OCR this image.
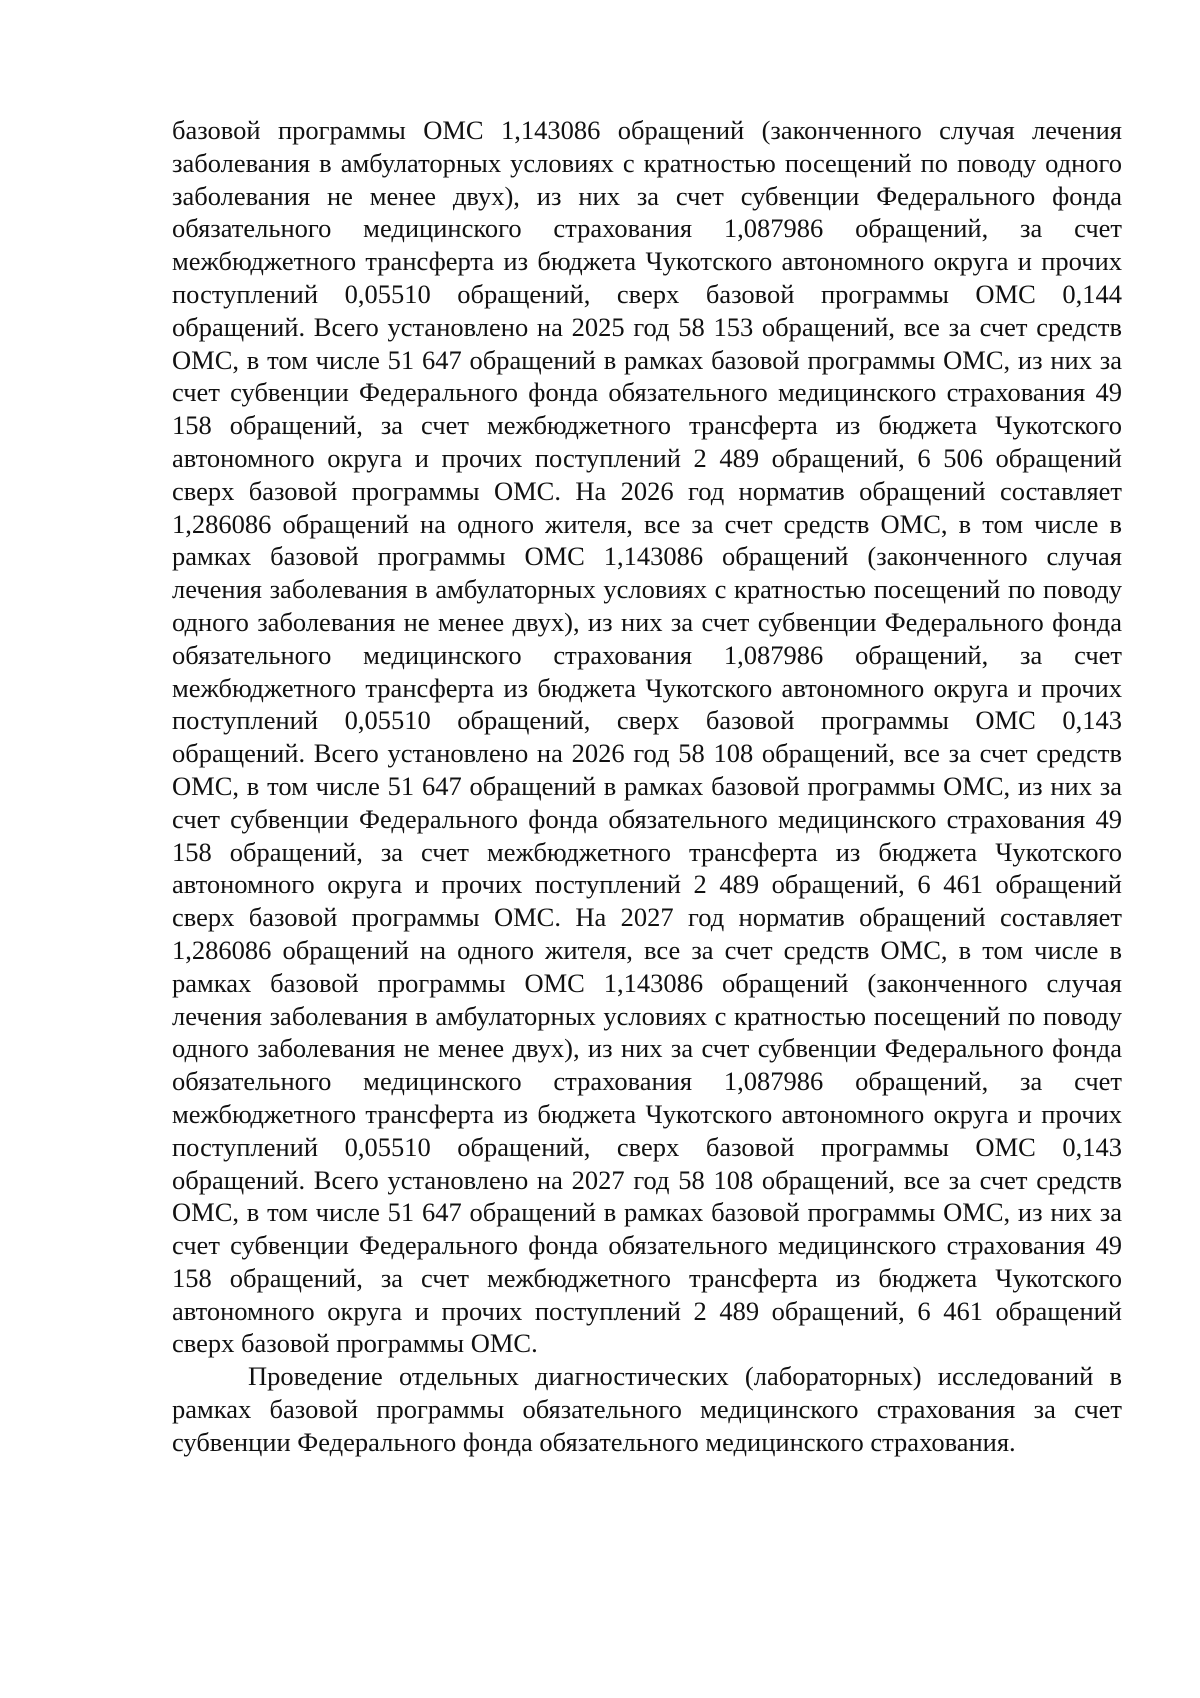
базовой программы ОМС 1,143086 обращений (законченного случая лечения заболевания в амбулаторных условиях с кратностью посещений по поводу одного заболевания не менее двух), из них за счет субвенции Федерального фонда обязательного медицинского страхования 1,087986 обращений, за счет межбюджетного трансферта из бюджета Чукотского автономного округа и прочих поступлений 0,05510 обращений, сверх базовой программы ОМС 0,144 обращений. Всего установлено на 2025 год 58 153 обращений, все за счет средств ОМС, в том числе 51 647 обращений в рамках базовой программы ОМС, из них за счет субвенции Федерального фонда обязательного медицинского страхования 49 158 обращений, за счет межбюджетного трансферта из бюджета Чукотского автономного округа и прочих поступлений 2 489 обращений, 6 506 обращений сверх базовой программы ОМС. На 2026 год норматив обращений составляет 1,286086 обращений на одного жителя, все за счет средств ОМС, в том числе в рамках базовой программы ОМС 1,143086 обращений (законченного случая лечения заболевания в амбулаторных условиях с кратностью посещений по поводу одного заболевания не менее двух), из них за счет субвенции Федерального фонда обязательного медицинского страхования 1,087986 обращений, за счет межбюджетного трансферта из бюджета Чукотского автономного округа и прочих поступлений 0,05510 обращений, сверх базовой программы ОМС 0,143 обращений. Всего установлено на 2026 год 58 108 обращений, все за счет средств ОМС, в том числе 51 647 обращений в рамках базовой программы ОМС, из них за счет субвенции Федерального фонда обязательного медицинского страхования 49 158 обращений, за счет межбюджетного трансферта из бюджета Чукотского автономного округа и прочих поступлений 2 489 обращений, 6 461 обращений сверх базовой программы ОМС. На 2027 год норматив обращений составляет 1,286086 обращений на одного жителя, все за счет средств ОМС, в том числе в рамках базовой программы ОМС 1,143086 обращений (законченного случая лечения заболевания в амбулаторных условиях с кратностью посещений по поводу одного заболевания не менее двух), из них за счет субвенции Федерального фонда обязательного медицинского страхования 1,087986 обращений, за счет межбюджетного трансферта из бюджета Чукотского автономного округа и прочих поступлений 0,05510 обращений, сверх базовой программы ОМС 0,143 обращений. Всего установлено на 2027 год 58 108 обращений, все за счет средств ОМС, в том числе 51 647 обращений в рамках базовой программы ОМС, из них за счет субвенции Федерального фонда обязательного медицинского страхования 49 158 обращений, за счет межбюджетного трансферта из бюджета Чукотского автономного округа и прочих поступлений 2 489 обращений, 6 461 обращений сверх базовой программы ОМС.

Проведение отдельных диагностических (лабораторных) исследований в рамках базовой программы обязательного медицинского страхования за счет субвенции Федерального фонда обязательного медицинского страхования.
